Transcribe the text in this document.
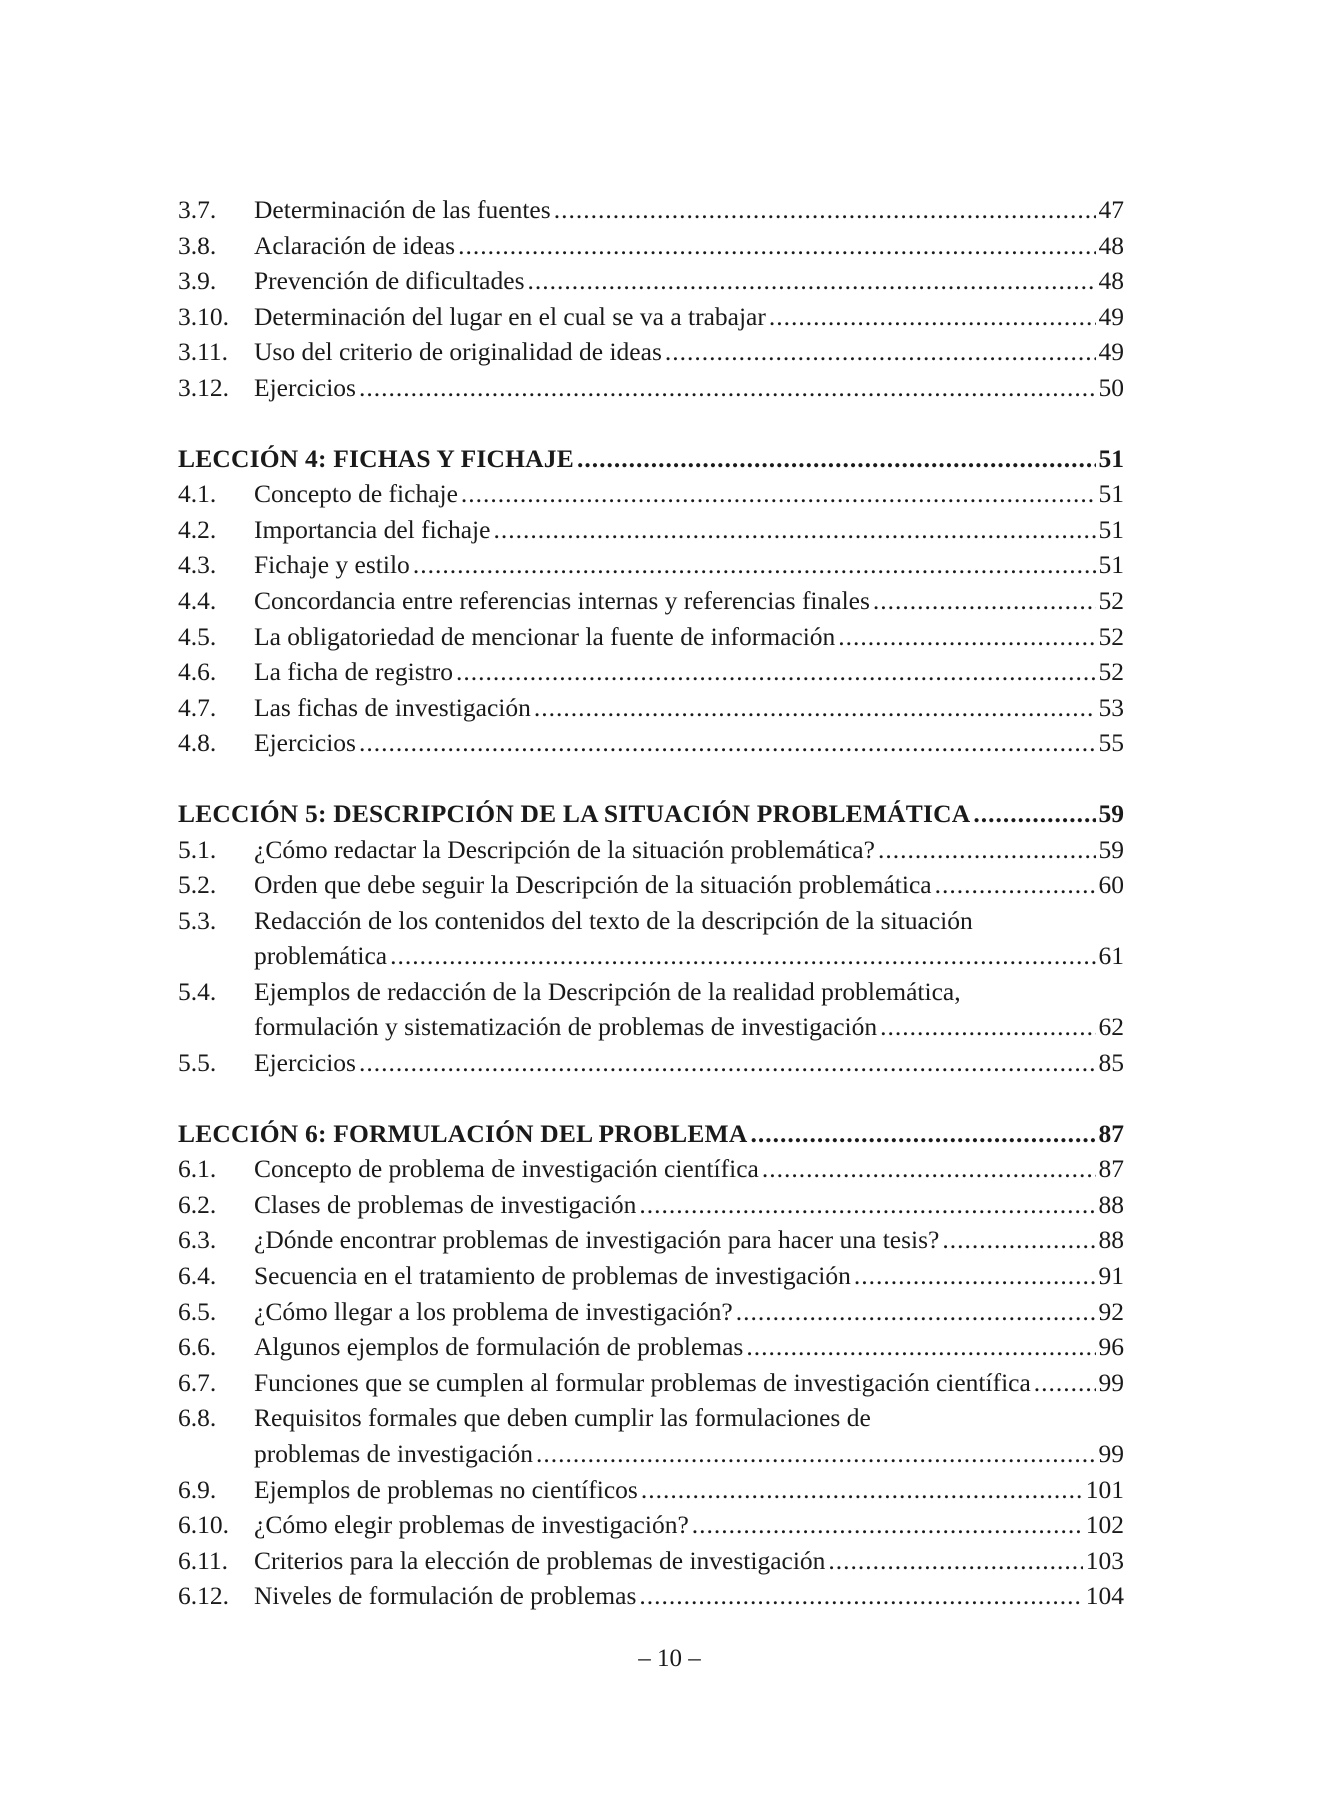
3.7.	Determinación de las fuentes .....	47
3.8.	Aclaración de ideas .....	48
3.9.	Prevención de dificultades .....	48
3.10. Determinación del lugar en el cual se va a trabajar .....	49
3.11.	Uso del criterio de originalidad de ideas .....	49
3.12. Ejercicios .....	50
LECCIÓN 4: FICHAS Y FICHAJE .....	51
4.1.	Concepto de fichaje .....	51
4.2.	Importancia del fichaje .....	51
4.3.	Fichaje y estilo .....	51
4.4.	Concordancia entre referencias internas y referencias finales .....	52
4.5.	La obligatoriedad de mencionar la fuente de información .....	52
4.6.	La ficha de registro .....	52
4.7.	Las fichas de investigación .....	53
4.8.	Ejercicios .....	55
LECCIÓN 5: DESCRIPCIÓN DE LA SITUACIÓN PROBLEMÁTICA .....	59
5.1.	¿Cómo redactar la Descripción de la situación problemática? .....	59
5.2.	Orden que debe seguir la Descripción de la situación problemática .....	60
5.3.	Redacción de los contenidos del texto de la descripción de la situación
problemática .....	61
5.4.	Ejemplos de redacción de la Descripción de la realidad problemática,
formulación y sistematización de problemas de investigación .....	62
5.5.	Ejercicios .....	85
LECCIÓN 6: FORMULACIÓN DEL PROBLEMA .....	87
6.1.	Concepto de problema de investigación científica .....	87
6.2.	Clases de problemas de investigación .....	88
6.3.	¿Dónde encontrar problemas de investigación para hacer una tesis? .....	88
6.4.	Secuencia en el tratamiento de problemas de investigación .....	91
6.5.	¿Cómo llegar a los problema de investigación? .....	92
6.6.	Algunos ejemplos de formulación de problemas .....	96
6.7.	Funciones que se cumplen al formular problemas de investigación científica .....	99
6.8.	Requisitos formales que deben cumplir las formulaciones de
problemas de investigación .....	99
6.9.	Ejemplos de problemas no científicos .....	101
6.10. ¿Cómo elegir problemas de investigación? .....	102
6.11.	Criterios para la elección de problemas de investigación .....	103
6.12. Niveles de formulación de problemas .....	104
– 10 –
